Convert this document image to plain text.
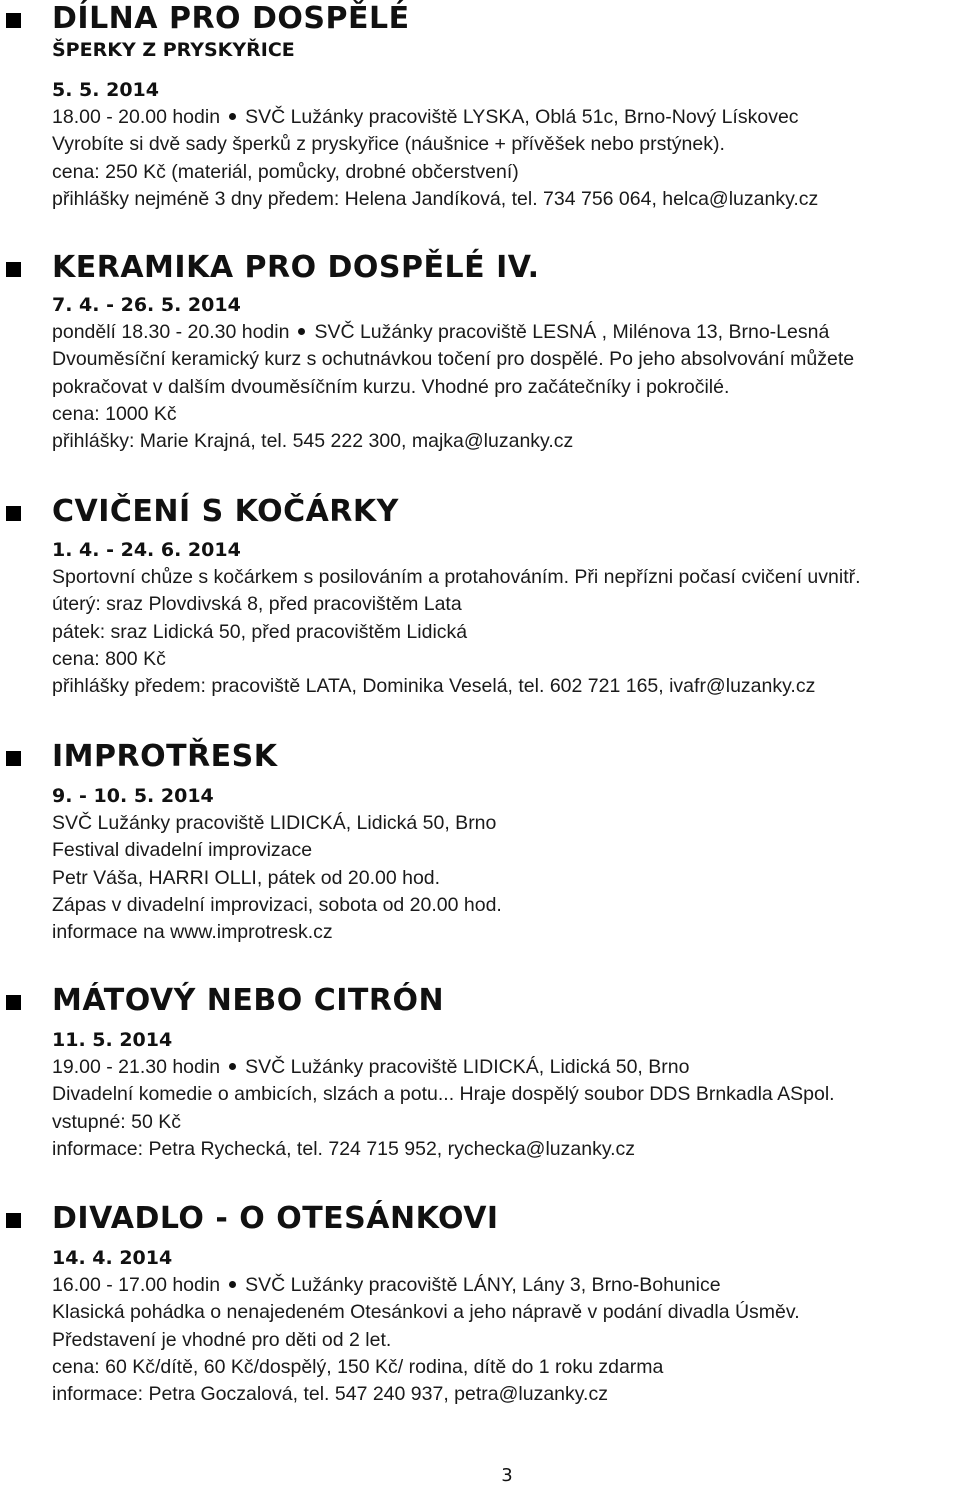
DÍLNA PRO DOSPĚLÉ
ŠPERKY Z PRYSKYŘICE
5. 5. 2014
18.00 - 20.00 hodin SVČ Lužánky pracoviště LYSKA, Oblá 51c, Brno-Nový Lískovec
Vyrobíte si dvě sady šperků z pryskyřice (náušnice + přívěšek nebo prstýnek).
cena: 250 Kč (materiál, pomůcky, drobné občerstvení)
přihlášky nejméně 3 dny předem: Helena Jandíková, tel. 734 756 064, helca@luzanky.cz
KERAMIKA PRO DOSPĚLÉ IV.
7. 4. - 26. 5. 2014
pondělí 18.30 - 20.30 hodin SVČ Lužánky pracoviště LESNÁ , Milénova 13, Brno-Lesná
Dvouměsíční keramický kurz s ochutnávkou točení pro dospělé. Po jeho absolvování můžete
pokračovat v dalším dvouměsíčním kurzu. Vhodné pro začátečníky i pokročilé.
cena: 1000 Kč
přihlášky: Marie Krajná, tel. 545 222 300, majka@luzanky.cz
CVIČENÍ S KOČÁRKY
1. 4. - 24. 6. 2014
Sportovní chůze s kočárkem s posilováním a protahováním. Při nepřízni počasí cvičení uvnitř.
úterý: sraz Plovdivská 8, před pracovištěm Lata
pátek: sraz Lidická 50, před pracovištěm Lidická
cena: 800 Kč
přihlášky předem: pracoviště LATA, Dominika Veselá, tel. 602 721 165, ivafr@luzanky.cz
IMPROTŘESK
9. - 10. 5. 2014
SVČ Lužánky pracoviště LIDICKÁ, Lidická 50, Brno
Festival divadelní improvizace
Petr Váša, HARRI OLLI, pátek od 20.00 hod.
Zápas v divadelní improvizaci, sobota od 20.00 hod.
informace na www.improtresk.cz
MÁTOVÝ NEBO CITRÓN
11. 5. 2014
19.00 - 21.30 hodin SVČ Lužánky pracoviště LIDICKÁ, Lidická 50, Brno
Divadelní komedie o ambicích, slzách a potu... Hraje dospělý soubor DDS Brnkadla ASpol.
vstupné: 50 Kč
informace: Petra Rychecká, tel. 724 715 952, rychecka@luzanky.cz
DIVADLO - O OTESÁNKOVI
14. 4. 2014
16.00 - 17.00 hodin SVČ Lužánky pracoviště LÁNY, Lány 3, Brno-Bohunice
Klasická pohádka o nenajedeném Otesánkovi a jeho nápravě v podání divadla Úsměv.
Představení je vhodné pro děti od 2 let.
cena: 60 Kč/dítě, 60 Kč/dospělý, 150 Kč/ rodina, dítě do 1 roku zdarma
informace: Petra Goczalová, tel. 547 240 937, petra@luzanky.cz
3
